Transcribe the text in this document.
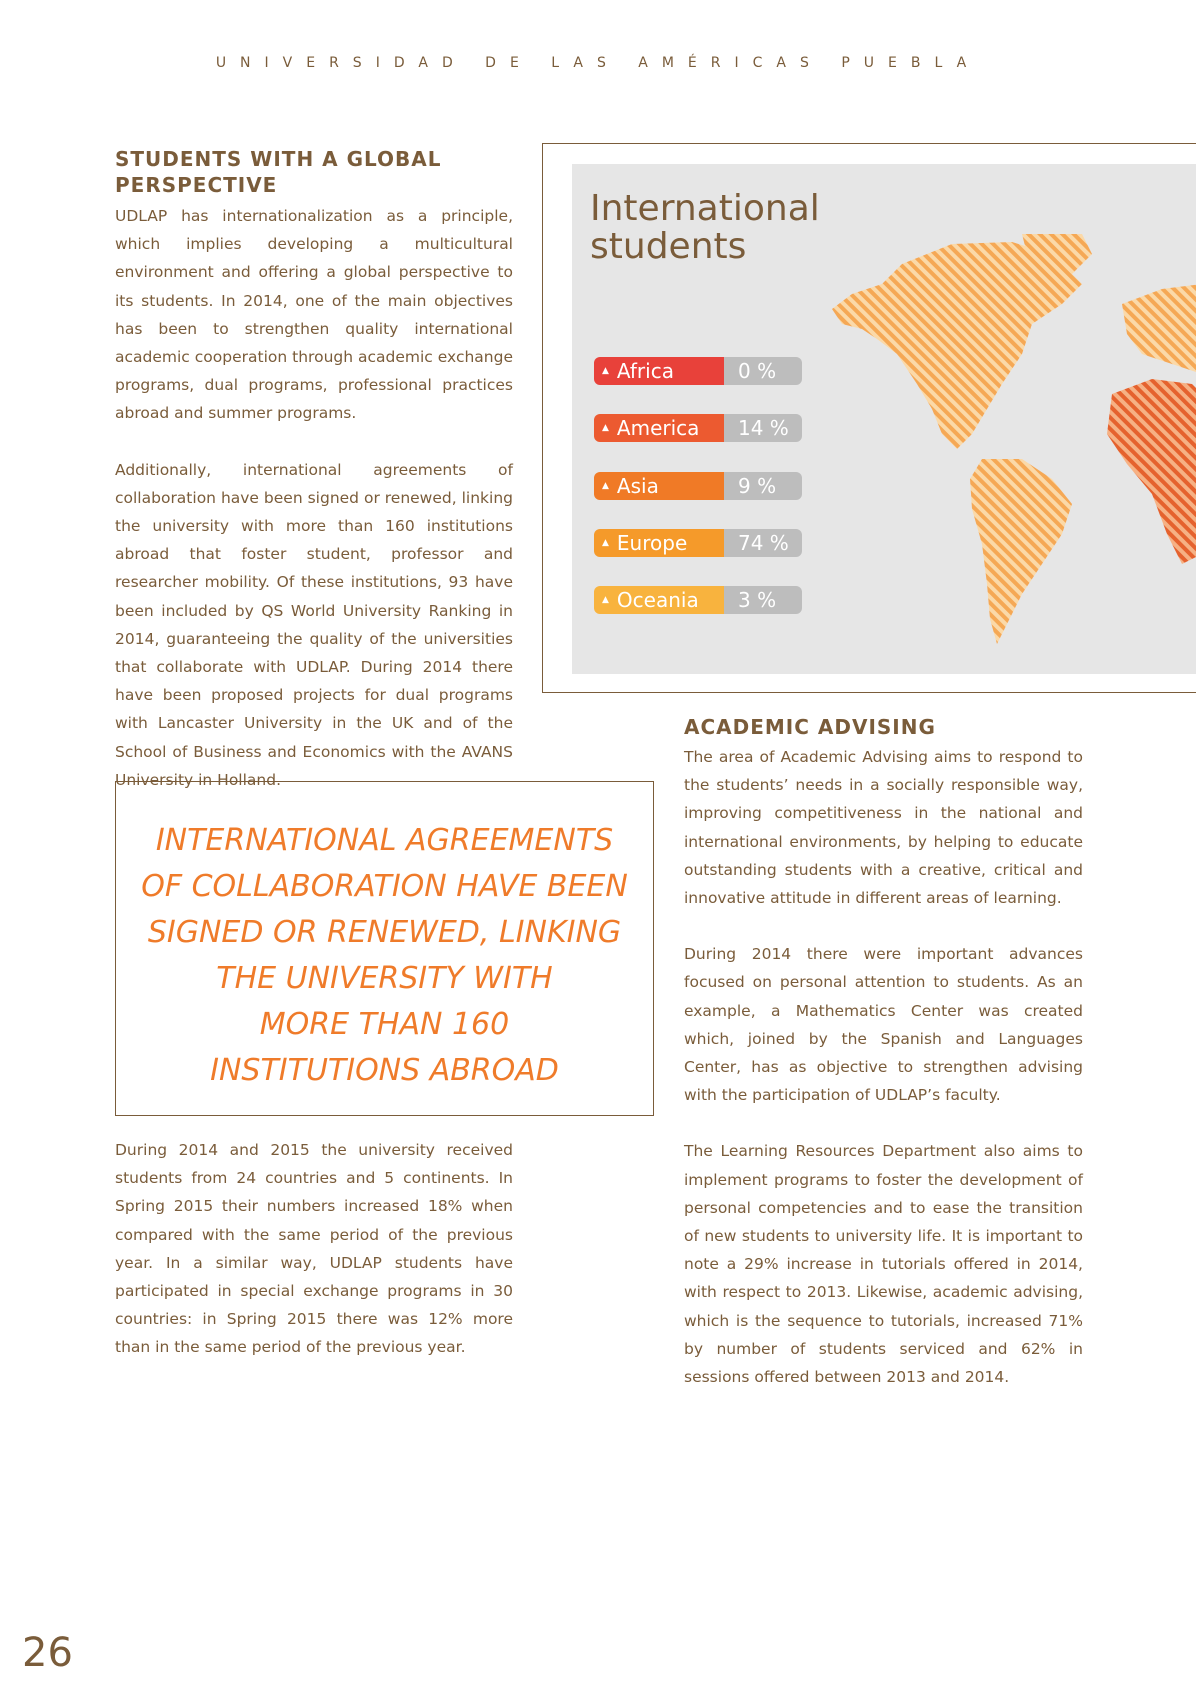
UNIVERSIDAD DE LAS AMÉRICAS PUEBLA
STUDENTS WITH A GLOBAL
PERSPECTIVE

UDLAP has internationalization as a principle, which implies developing a multicultural environment and offering a global perspective to its students. In 2014, one of the main objectives has been to strengthen quality international academic cooperation through academic exchange programs, dual programs, professional practices abroad and summer programs.

Additionally, international agreements of collaboration have been signed or renewed, linking the university with more than 160 institutions abroad that foster student, professor and researcher mobility. Of these institutions, 93 have been included by QS World University Ranking in 2014, guaranteeing the quality of the universities that collaborate with UDLAP. During 2014 there have been proposed projects for dual programs with Lancaster University in the UK and of the School of Business and Economics with the AVANS University in Holland.

INTERNATIONAL AGREEMENTS
OF COLLABORATION HAVE BEEN
SIGNED OR RENEWED, LINKING
THE UNIVERSITY WITH
MORE THAN 160
INSTITUTIONS ABROAD

During 2014 and 2015 the university received students from 24 countries and 5 continents. In Spring 2015 their numbers increased 18% when compared with the same period of the previous year. In a similar way, UDLAP students have participated in special exchange programs in 30 countries: in Spring 2015 there was 12% more than in the same period of the previous year.

International
students
▲ Africa	0 %
▲ America	14 %
▲ Asia	9 %
▲ Europe	74 %
▲ Oceania	3 %
ACADEMIC ADVISING

The area of Academic Advising aims to respond to the students’ needs in a socially responsible way, improving competitiveness in the national and international environments, by helping to educate outstanding students with a creative, critical and innovative attitude in different areas of learning.

During 2014 there were important advances focused on personal attention to students. As an example, a Mathematics Center was created which, joined by the Spanish and Languages Center, has as objective to strengthen advising with the participation of UDLAP’s faculty.

The Learning Resources Department also aims to implement programs to foster the development of personal competencies and to ease the transition of new students to university life. It is important to note a 29% increase in tutorials offered in 2014, with respect to 2013. Likewise, academic advising, which is the sequence to tutorials, increased 71% by number of students serviced and 62% in sessions offered between 2013 and 2014.

26
